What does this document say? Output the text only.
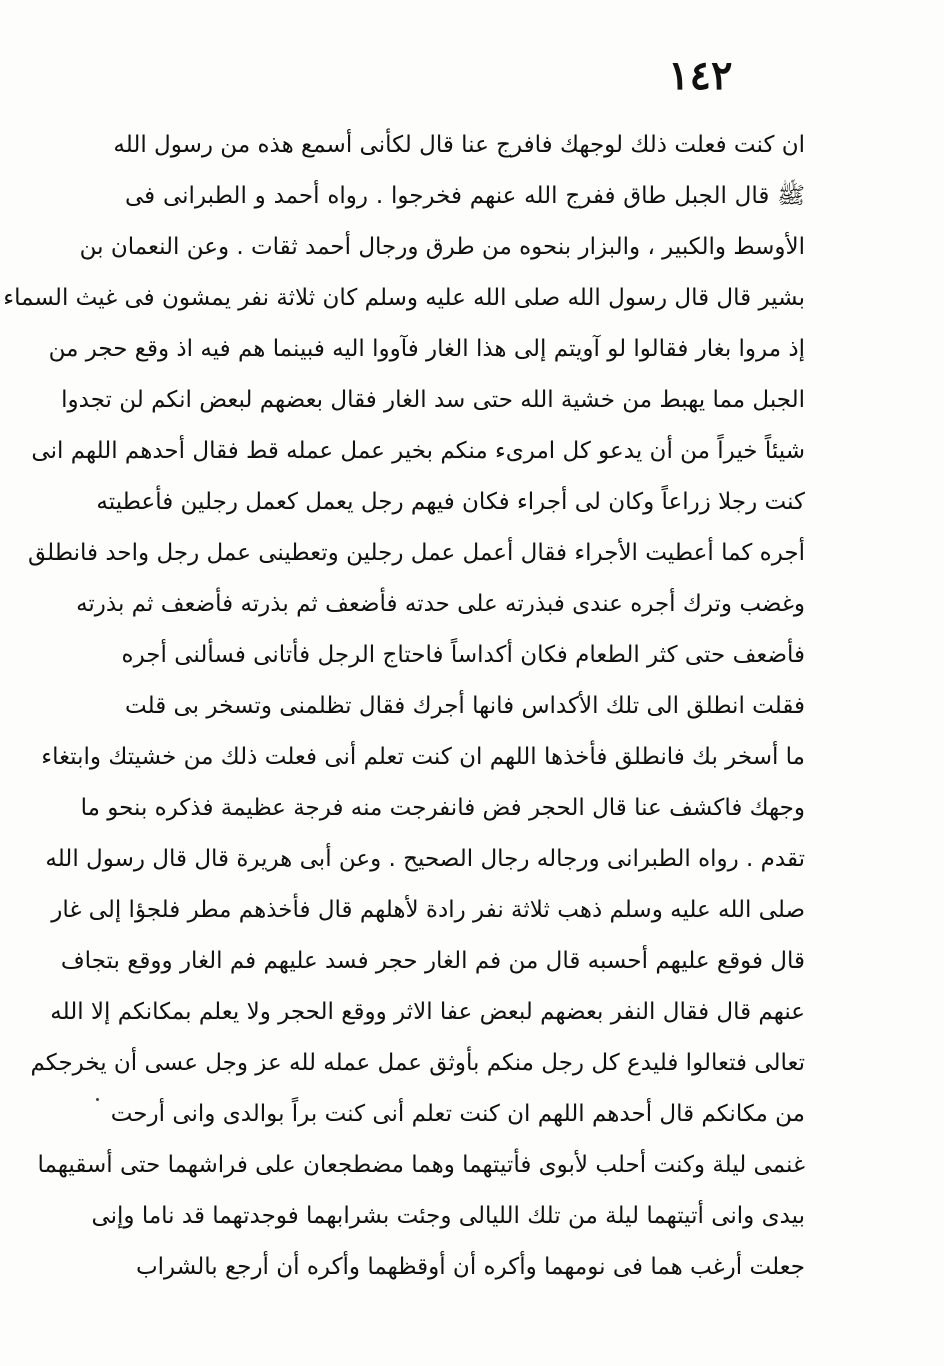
١٤٢
ان كنت فعلت ذلك لوجهك فافرج عنا قال لكأنى أسمع هذه من رسول الله
ﷺ قال الجبل طاق ففرج الله عنهم فخرجوا . رواه أحمد و الطبرانى فى
الأوسط والكبير ، والبزار بنحوه من طرق ورجال أحمد ثقات . وعن النعمان بن
بشير قال قال رسول الله صلى الله عليه وسلم كان ثلاثة نفر يمشون فى غيث السماء
إذ مروا بغار فقالوا لو آويتم إلى هذا الغار فآووا اليه فبينما هم فيه اذ وقع حجر من
الجبل مما يهبط من خشية الله حتى سد الغار فقال بعضهم لبعض انكم لن تجدوا
شيئاً خيراً من أن يدعو كل امرىء منكم بخير عمل عمله قط فقال أحدهم اللهم انى
كنت رجلا زراعاً وكان لى أجراء فكان فيهم رجل يعمل كعمل رجلين فأعطيته
أجره كما أعطيت الأجراء فقال أعمل عمل رجلين وتعطينى عمل رجل واحد فانطلق
وغضب وترك أجره عندى فبذرته على حدته فأضعف ثم بذرته فأضعف ثم بذرته
فأضعف حتى كثر الطعام فكان أكداساً فاحتاج الرجل فأتانى فسألنى أجره
فقلت انطلق الى تلك الأكداس فانها أجرك فقال تظلمنى وتسخر بى قلت
ما أسخر بك فانطلق فأخذها اللهم ان كنت تعلم أنى فعلت ذلك من خشيتك وابتغاء
وجهك فاكشف عنا قال الحجر فض فانفرجت منه فرجة عظيمة فذكره بنحو ما
تقدم . رواه الطبرانى ورجاله رجال الصحيح . وعن أبى هريرة قال قال رسول الله
صلى الله عليه وسلم ذهب ثلاثة نفر رادة لأهلهم قال فأخذهم مطر فلجؤا إلى غار
قال فوقع عليهم أحسبه قال من فم الغار حجر فسد عليهم فم الغار ووقع بتجاف
عنهم قال فقال النفر بعضهم لبعض عفا الاثر ووقع الحجر ولا يعلم بمكانكم إلا الله
تعالى فتعالوا فليدع كل رجل منكم بأوثق عمل عمله لله عز وجل عسى أن يخرجكم
من مكانكم قال أحدهم اللهم ان كنت تعلم أنى كنت براً بوالدى وانى أرحت
غنمى ليلة وكنت أحلب لأبوى فأتيتهما وهما مضطجعان على فراشهما حتى أسقيهما
بيدى وانى أتيتهما ليلة من تلك الليالى وجئت بشرابهما فوجدتهما قد ناما وإنى
جعلت أرغب هما فى نومهما وأكره أن أوقظهما وأكره أن أرجع بالشراب
